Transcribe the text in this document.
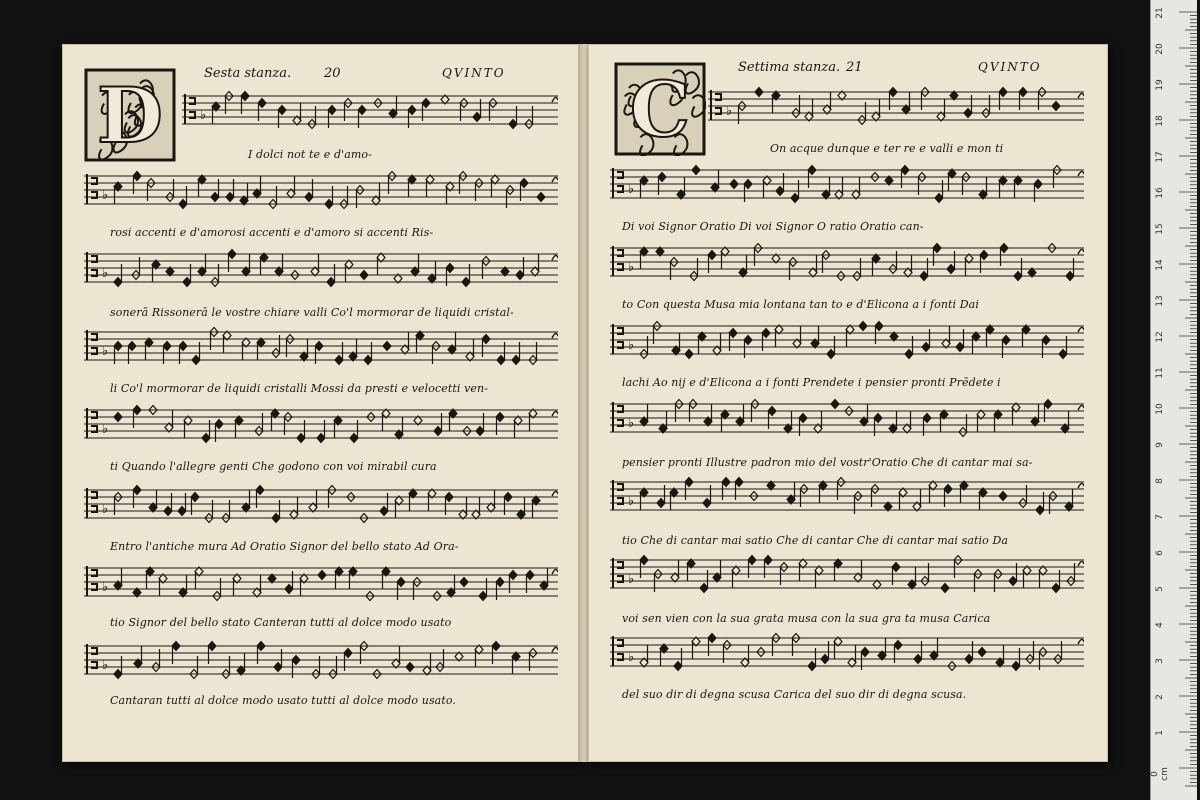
Sesta stanza.	20	QVINTO
D	♭
♭
♭
♭
♭
♭
♭
♭
I dolci not te e d'amo-
rosi accenti e d'amorosi accenti e d'amoro si accenti Ris-
sonerā Rissonerā le vostre chiare valli Co'l mormorar de liquidi cristal-
li Co'l mormorar de liquidi cristalli Mossi da presti e velocetti ven-
ti Quando l'allegre genti Che godono con voi mirabil cura
Entro l'antiche mura Ad Oratio Signor del bello stato Ad Ora-
tio Signor del bello stato Canteran tutti al dolce modo usato
Cantaran tutti al dolce modo usato tutti al dolce modo usato.
Settima stanza. 21	QVINTO
C	♭
♭
♭
♭
♭
♭
♭
♭
On acque dunque e ter re e valli e mon ti
Di voi Signor Oratio Di voi Signor O ratio Oratio can-
to Con questa Musa mia lontana tan to e d'Elicona a i fonti Dai
lachi Ao nij e d'Elicona a i fonti Prendete i pensier pronti Prēdete i
pensier pronti Illustre padron mio del vostr'Oratio Che di cantar mai sa-
tio Che di cantar mai satio Che di cantar Che di cantar mai satio Da
voi sen vien con la sua grata musa con la sua gra ta musa Carica
del suo dir di degna scusa Carica del suo dir di degna scusa.
21
20
19
18
17
16
15
14
13
12
11
10
9
8
7
6
5
4
3
2
1
0 cm
